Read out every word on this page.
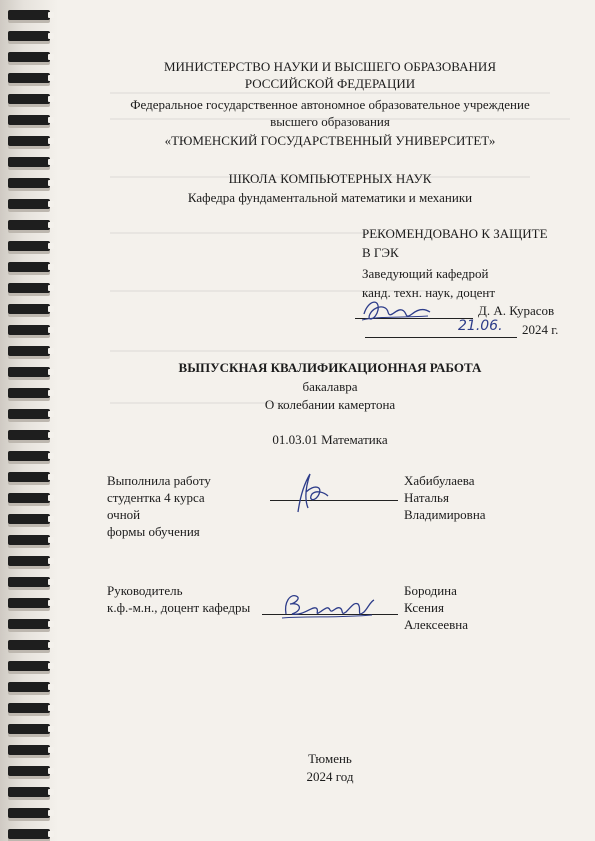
МИНИСТЕРСТВО НАУКИ И ВЫСШЕГО ОБРАЗОВАНИЯ
РОССИЙСКОЙ ФЕДЕРАЦИИ
Федеральное государственное автономное образовательное учреждение
высшего образования
«ТЮМЕНСКИЙ ГОСУДАРСТВЕННЫЙ УНИВЕРСИТЕТ»
ШКОЛА КОМПЬЮТЕРНЫХ НАУК
Кафедра фундаментальной математики и механики
РЕКОМЕНДОВАНО К ЗАЩИТЕ
В ГЭК
Заведующий кафедрой
канд. техн. наук, доцент
Д. А. Курасов
21.06. 2024 г.
ВЫПУСКНАЯ КВАЛИФИКАЦИОННАЯ РАБОТА
бакалавра
О колебании камертона
01.03.01 Математика
Выполнила работу
студентка 4 курса
очной
формы обучения
Хабибулаева
Наталья
Владимировна
Руководитель
к.ф.-м.н., доцент кафедры
Бородина
Ксения
Алексеевна
Тюмень
2024 год
